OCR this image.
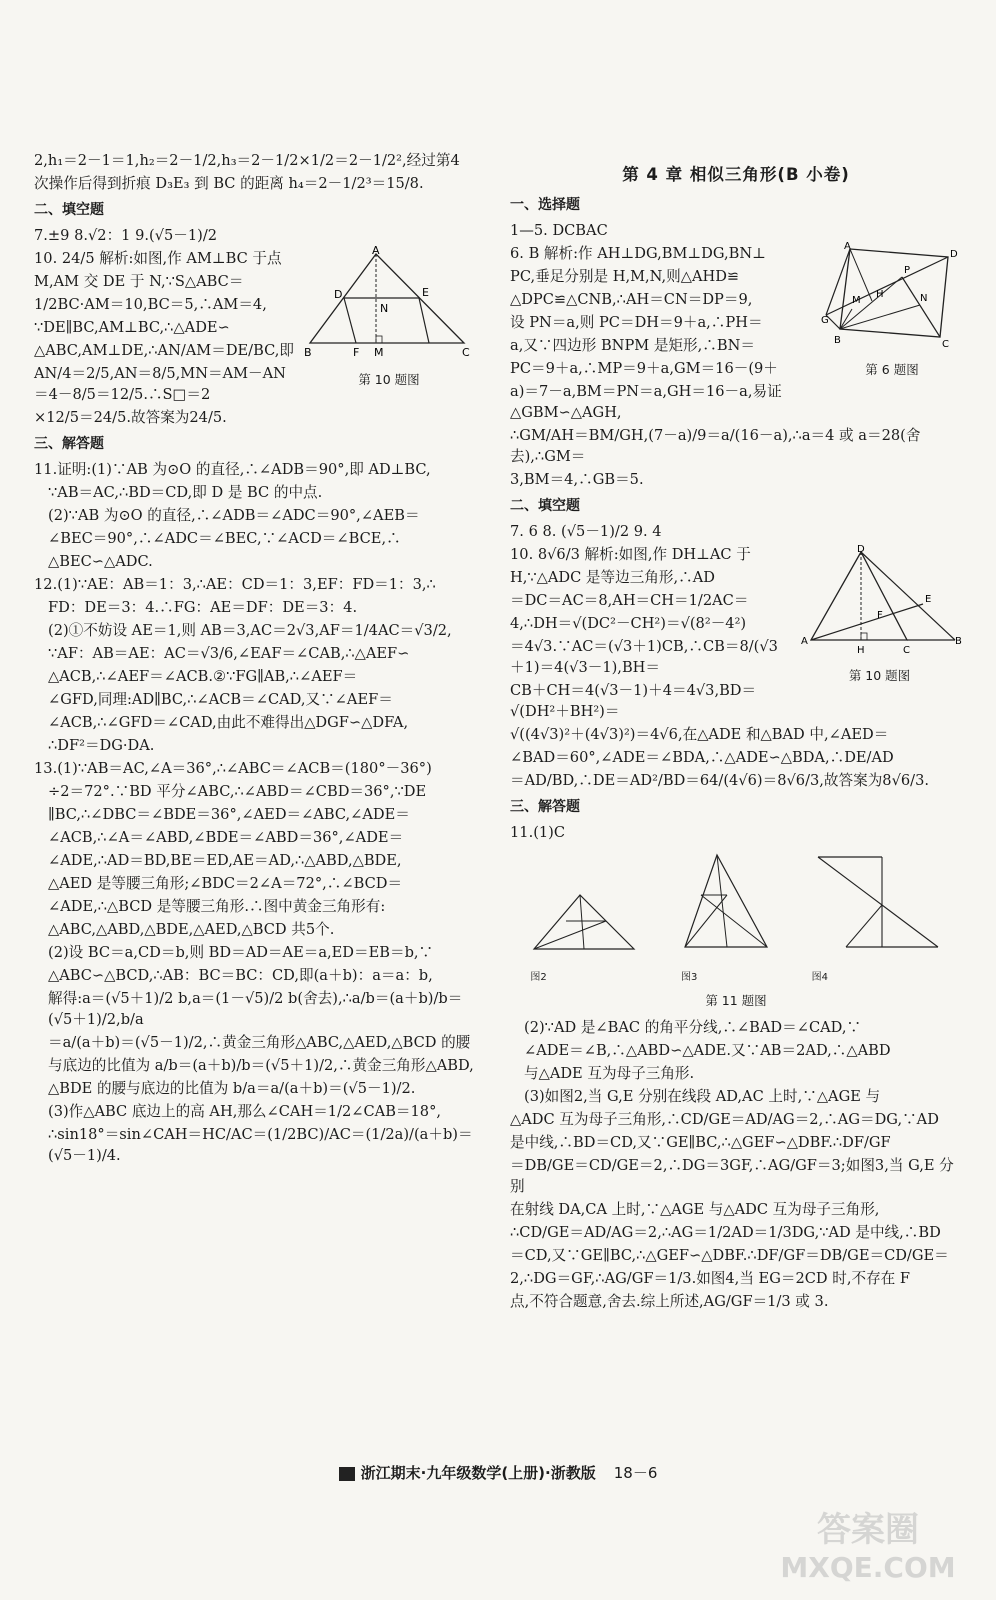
2,h₁＝2－1＝1,h₂＝2－1/2,h₃＝2－1/2×1/2＝2－1/2²,经过第4
次操作后得到折痕 D₃E₃ 到 BC 的距离 h₄＝2－1/2³＝15/8.
二、填空题
7.±9 8.√2：1 9.(√5－1)/2
A
D	E
N
B	F M	C
第 10 题图
10. 24/5 解析:如图,作 AM⊥BC 于点
M,AM 交 DE 于 N,∵S△ABC＝
1/2BC·AM＝10,BC＝5,∴AM＝4,
∵DE∥BC,AM⊥BC,∴△ADE∽
△ABC,AM⊥DE,∴AN/AM＝DE/BC,即
AN/4＝2/5,AN＝8/5,MN＝AM－AN＝4－8/5＝12/5.∴S□＝2
×12/5＝24/5.故答案为24/5.
三、解答题
11.证明:(1)∵AB 为⊙O 的直径,∴∠ADB＝90°,即 AD⊥BC,
∵AB＝AC,∴BD＝CD,即 D 是 BC 的中点.
(2)∵AB 为⊙O 的直径,∴∠ADB＝∠ADC＝90°,∠AEB＝
∠BEC＝90°,∴∠ADC＝∠BEC,∵∠ACD＝∠BCE,∴
△BEC∽△ADC.
12.(1)∵AE：AB＝1：3,∴AE：CD＝1：3,EF：FD＝1：3,∴
FD：DE＝3：4.∴FG：AE＝DF：DE＝3：4.
(2)①不妨设 AE＝1,则 AB＝3,AC＝2√3,AF＝1/4AC＝√3/2,
∵AF：AB＝AE：AC＝√3/6,∠EAF＝∠CAB,∴△AEF∽
△ACB,∴∠AEF＝∠ACB.②∵FG∥AB,∴∠AEF＝
∠GFD,同理:AD∥BC,∴∠ACB＝∠CAD,又∵∠AEF＝
∠ACB,∴∠GFD＝∠CAD,由此不难得出△DGF∽△DFA,
∴DF²＝DG·DA.
13.(1)∵AB＝AC,∠A＝36°,∴∠ABC＝∠ACB＝(180°－36°)
÷2＝72°.∵BD 平分∠ABC,∴∠ABD＝∠CBD＝36°,∵DE
∥BC,∴∠DBC＝∠BDE＝36°,∠AED＝∠ABC,∠ADE＝
∠ACB,∴∠A＝∠ABD,∠BDE＝∠ABD＝36°,∠ADE＝
∠ADE,∴AD＝BD,BE＝ED,AE＝AD,∴△ABD,△BDE,
△AED 是等腰三角形;∠BDC＝2∠A＝72°,∴∠BCD＝
∠ADE,∴△BCD 是等腰三角形.∴图中黄金三角形有:
△ABC,△ABD,△BDE,△AED,△BCD 共5个.
(2)设 BC＝a,CD＝b,则 BD＝AD＝AE＝a,ED＝EB＝b,∵
△ABC∽△BCD,∴AB：BC＝BC：CD,即(a＋b)：a＝a：b,
解得:a＝(√5＋1)/2 b,a＝(1－√5)/2 b(舍去),∴a/b＝(a＋b)/b＝(√5＋1)/2,b/a
＝a/(a＋b)＝(√5－1)/2,∴黄金三角形△ABC,△AED,△BCD 的腰
与底边的比值为 a/b＝(a＋b)/b＝(√5＋1)/2,∴黄金三角形△ABD,
△BDE 的腰与底边的比值为 b/a＝a/(a＋b)＝(√5－1)/2.
(3)作△ABC 底边上的高 AH,那么∠CAH＝1/2∠CAB＝18°,
∴sin18°＝sin∠CAH＝HC/AC＝(1/2BC)/AC＝(1/2a)/(a＋b)＝(√5－1)/4.
第 4 章 相似三角形(B 小卷)
一、选择题
1—5. DCBAC
A
D
P
H	N
M
G
B	C
第 6 题图
6. B 解析:作 AH⊥DG,BM⊥DG,BN⊥
PC,垂足分别是 H,M,N,则△AHD≌
△DPC≌△CNB,∴AH＝CN＝DP＝9,
设 PN＝a,则 PC＝DH＝9＋a,∴PH＝
a,又∵四边形 BNPM 是矩形,∴BN＝
PC＝9＋a,∴MP＝9＋a,GM＝16－(9＋
a)＝7－a,BM＝PN＝a,GH＝16－a,易证△GBM∽△AGH,
∴GM/AH＝BM/GH,(7－a)/9＝a/(16－a),∴a＝4 或 a＝28(舍去),∴GM＝
3,BM＝4,∴GB＝5.
二、填空题
7. 6 8. (√5－1)/2 9. 4
D
E
F
A
H	C
B
第 10 题图
10. 8√6/3 解析:如图,作 DH⊥AC 于
H,∵△ADC 是等边三角形,∴AD
＝DC＝AC＝8,AH＝CH＝1/2AC＝
4,∴DH＝√(DC²－CH²)＝√(8²－4²)
＝4√3.∵AC＝(√3＋1)CB,∴CB＝8/(√3＋1)＝4(√3－1),BH＝
CB＋CH＝4(√3－1)＋4＝4√3,BD＝√(DH²＋BH²)＝
√((4√3)²＋(4√3)²)＝4√6,在△ADE 和△BAD 中,∠AED＝
∠BAD＝60°,∠ADE＝∠BDA,∴△ADE∽△BDA,∴DE/AD
＝AD/BD,∴DE＝AD²/BD＝64/(4√6)＝8√6/3,故答案为8√6/3.
三、解答题
11.(1)C
图2	图3	图4
第 11 题图
(2)∵AD 是∠BAC 的角平分线,∴∠BAD＝∠CAD,∵
∠ADE＝∠B,∴△ABD∽△ADE.又∵AB＝2AD,∴△ABD
与△ADE 互为母子三角形.
(3)如图2,当 G,E 分别在线段 AD,AC 上时,∵△AGE 与
△ADC 互为母子三角形,∴CD/GE＝AD/AG＝2,∴AG＝DG,∵AD
是中线,∴BD＝CD,又∵GE∥BC,∴△GEF∽△DBF.∴DF/GF
＝DB/GE＝CD/GE＝2,∴DG＝3GF,∴AG/GF＝3;如图3,当 G,E 分别
在射线 DA,CA 上时,∵△AGE 与△ADC 互为母子三角形,
∴CD/GE＝AD/AG＝2,∴AG＝1/2AD＝1/3DG,∵AD 是中线,∴BD
＝CD,又∵GE∥BC,∴△GEF∽△DBF.∴DF/GF＝DB/GE＝CD/GE＝
2,∴DG＝GF,∴AG/GF＝1/3.如图4,当 EG＝2CD 时,不存在 F
点,不符合题意,舍去.综上所述,AG/GF＝1/3 或 3.
浙江期末·九年级数学(上册)·浙教版 18－6
答案圈
MXQE.COM
